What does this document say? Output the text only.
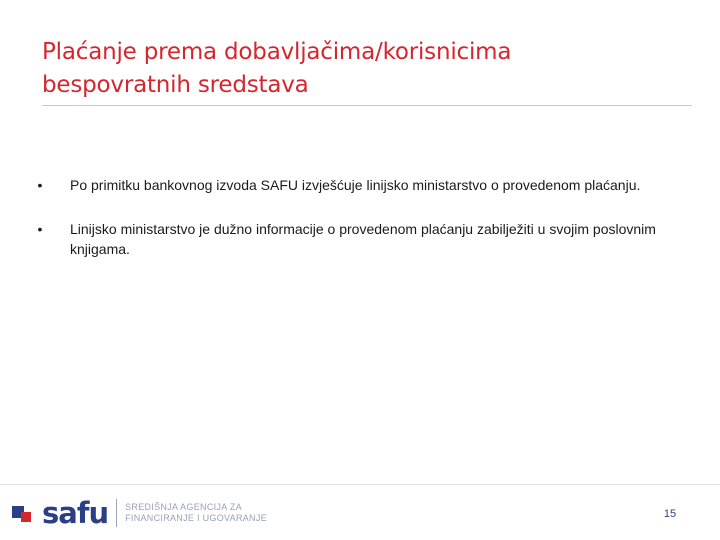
Plaćanje prema dobavljačima/korisnicima
bespovratnih sredstava
•	Po primitku bankovnog izvoda SAFU izvješćuje linijsko ministarstvo o provedenom plaćanju.
•	Linijsko ministarstvo je dužno informacije o provedenom plaćanju zabilježiti u svojim poslovnim knjigama.
safu SREDIŠNJA AGENCIJA ZA
FINANCIRANJE I UGOVARANJE	15
